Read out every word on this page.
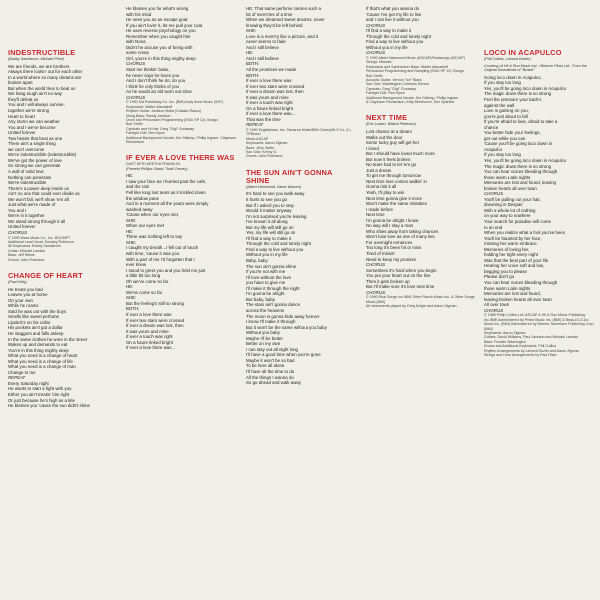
INDESTRUCTIBLE
(Bobby Sandstrom, Michael Price)
We are friends, we are brothers
Always there lookin' out for each other
In a world where so many dreams are
broken apart
But when the world tries to beat us
We hang tough ain't no way
they'll defeat us
You and I will always survive,
together we're strong
Heart to heart
Any storm we can weather
You and I we've become
United forever
Two hearts that beat as one
There ain't a single thing
we can't overcome
We're indestructible (indestructible)
We've got the power of love
So strong we can generate
A wall of solid love
Nothing can penetrate
We're indestructible
There's a power deep inside us
Ain't no one that could ever divide us
We won't fall, we'll show 'em all
Just what we're made of
You and I
We're in it together
We stand strong through it all
United forever
CHORUS
© 1990 Wara Music Co., Inc. BS1/MPT
Additional Lead Vocal: Smokey Robinson
All Keyboards: Bobby Sandstrom
Guitar: Michael Landau
Bass: Jeff Steele
Drums: John Robinson
CHANGE OF HEART
(Paul Kelly)
He treats you bad
Leaves you at home
On your own
While he roams
Said he was out with the boys
Smells like sweet perfume
Lipstick's on his collar
His pockets ain't got a dollar
He staggers and falls asleep
In the same clothes he wore in the street
Wakes up and demands to eat
You're in this thing mighty deep
What you need is a change of heart
What you need is a change of life
What you need is a change of man
Change to me
REPEAT
Every Saturday night
He wants to start a fight with you
Either you ain't treatin' him right
Or just because he's high as a kite
He blames you 'cause the sun didn't shine
He blames you for what's wrong
with his mind
He sees you as an escape goat
If you ain't lovin' it, let me pull your coat
He uses reverse psychology on you
Remember when you caught him
with Nona
Didn't he accuse you of being with
some creep
Girl, you're in this thing mighty deep
CHORUS
Start me thinkin' babe,
he never says he loves you
And I don't think he do; do you
I think he only thinks of you
As he would an old worn out shoe
CHORUS
© 1990 Kid Publishing Co. Inc. (BMI)/Jody Anne Music (SNT)
Keyboards: Walter Afanasieff
Rhythm Guitar: Jackson Molla (Cataldo Rassu)
Moog Bass: Randy Jackson
Drum and Percussion Programming (EMU SP 12): Bongo
Bob Smith
Cymbals and Hi Hat: Greg "Gigi" Gonaway
Fairlight CMI: Ren Klyce
Additional Background Vocals: Jim Gilstrap, Phillip Ingram, Claytoven Richardson
IF EVER A LOVE THERE WAS
DUET WITH ARETHA FRANKLIN
(Pamela Phillips Oland, Todd Cerney)
HE:
I saw your face as I hurried past the cafe,
and the rain
Fell like long lost tears as it trickled down
the window pane
And in a moment all the years were simply
washed away
'Cause when our eyes met,
SHE:
When our eyes met
HE:
There was nothing left to say
SHE:
I caught my breath...I fell out of touch
with time, 'cause it was you
With a part of me I'd forgotten that I
ever knew
I stood to greet you and you held me just
a little bit too long
Oh we've come so far
HE:
We've come so far
SHE:
But the feeling's still so strong
BOTH:
If ever a love there was
If ever two stars were crossed
If ever a dream was lost, then
It was yours and mine
If ever a touch was right
On a future linked bright
If ever a love there was...
HE: That same perfume carries such a
lot of mem'ries of a time
When we dreamed sweet dreams, never
knowing they'd be left behind
SHE:
Love is a mem'ry like a picture, and it
never seems to fade
And I still believe
HE:
And I still believe
BOTH:
All the promises we made
BOTH:
If ever a love there was
If ever two stars were crossed
If ever a dream was lost, then
It was yours and mine
If ever a touch was right
On a future linked bright
If ever a love there was...
That was the time
REPEAT
© 1990 Englishtown, Inc. Tamaran Music/BMI Cherry/MLS Co. (t.) TPBlues/
Music ASCAP
Keyboards: Aaron Zigman
Bass: Jerry Watts
Sax Solo: Kenny G.
Drums: John Robinson
THE SUN AIN'T GONNA SHINE
(Albert Hammond, Diane Warren)
It's hard to see you walk away
It hurts to see you go
But if I asked you to stay
Would it matter anyway
I'm not surprised you're leaving
I've known it all along
But my life will still go on
Yes, my life will still go on
I'll find a way to make it
Through the cold and lonely night
Find a way to live without you
Without you in my life
Baby, baby
The sun ain't gonna shine
If you're not with me
I'll love without the love
you have to give me
I'll make it through the night
I'm gonna be alright
But baby, baby
The stars ain't gonna dance
across the heavens
The moon is gonna hide away forever
I know I'll make it through
But it won't be the same without you baby
Without you baby
Maybe I'll be better
Better on my own
I can stay out all night long
I'll have a good time when you're gone
Maybe it won't be so bad
To be here all alone
I'll have all the time to do
All the things I wanna do
So go ahead and walk away
If that's what you wanna do
'Cause I've got my life to live
and I can live it without you
CHORUS
I'll find a way to make it
Through the cold and lonely night
Find a way to live without you
Without you in my life
CHORUS
© 1990 Albert Hammond Music (ASCAP)/Realsongs (ASCAP)
Strings: Melodic
Keyboards and Synthesizer Bass: Walter Afanasieff
Percussion Programming and Sampling (EMU SP 12): Bongo
Bob Smith
Acoustic Guitar: Vernon "Ice" Black
Sax Solo: Waddington Coleman Dennis
Cymbals: Greg "Gigi" Gonaway
Fairlight CMI: Ren Klyce
Additional Background Vocals: Jim Gilstrap, Phillip Ingram
& Claytoven Richardson, Kitty Beethoven, Sue Sparkes
NEXT TIME
(Eric Lowen, Willard Peterson)
Lost chance at a dream
Walks out the door
Some lucky guy will get her
I loved
But I should have loved much more
But now it feels broken
No tears had to let 'em go
Just a dream
To get me through tomorrow
Next time love comes walkin' in
Gonna risk it all
Yeah, I'll play to win
Next time gonna give it more
Won't make the same mistakes
I made before
Next time
I'm gonna be alright I know
No way will I stay a man
Who shies away from taking chances
Won't lose love as one of many lies
For overnight romances
Too long it's been hit or miss
Tired of missin'
Need to keep my promise
CHORUS
Sometimes it's hard when you begin
You put your heart out on the line
Then it gets broken up
But I'll make sure it's love next time
CHORUS
© 1990 Real Songs Inc./BMI Other Ranch Music Inc. & Other Songs Music (BMI)
All instruments played by Greg Knight and Aaron Zigman
LOCO IN ACAPULCO
(Phil Collins, Lamont Dozier)
Courtesy of Hit & Run Music Ltd. / Beacon Films Ltd., From the Original Soundtrack of "Buster"
Going loco down in Acapulco,
If you stay too long
Yes, you'll be going loco down in Acapulco
The magic down there is so strong
Feel the pressure your back's
against the wall
Love is gaining on you,
you're just about to fall
If you're afraid to love, afraid to take a
chance
You better hide your feelings,
get out while you can
'Cause you'll be going loco down in
Acapulco
If you stay too long
Yes, you'll be going loco down in Acapulco
The magic down there is so strong
You can hear voices bleeding through
those warm Latin nights
Memories are lost and found, leaving
broken hearts all over town
CHORUS
You'll be pulling out your hair,
drowning in Despair
With a whole lot of nothing
on your way to nowhere
Your search for paradise will come
to an end
When you realize what a fool you've been
You'll be haunted by her face,
missing her warm embrace
Memories of loving her,
holding her tight every night
Was that the best part of your life
Hearing her voice soft and low,
begging you to please
Please don't go
You can hear voices bleeding through
those warm Latin nights
Memories are lost and found,
leaving broken hearts all over town
All over town
CHORUS
© 1988 Philip Collins Ltd./ASCAP & Hit & Run Music Publishing Inc./BMI Administered by Pedro Music Inc. (BMI) & Beau-Di-O-Do Music Inc. (BMI) Administered by Warner-Tamerlane Publishing Corp. (BMI)
Keyboards: Aaron Zigman
Guitars: David Williams, Paul Jackson and Michael Landau
Bass: Freddie Washington
Drums and Additional Keyboards: Phil Collins
Rhythm Arrangements by Lamont Dozier and Aaron Zigman
Strings and Horn Arrangements by Paul Riser
